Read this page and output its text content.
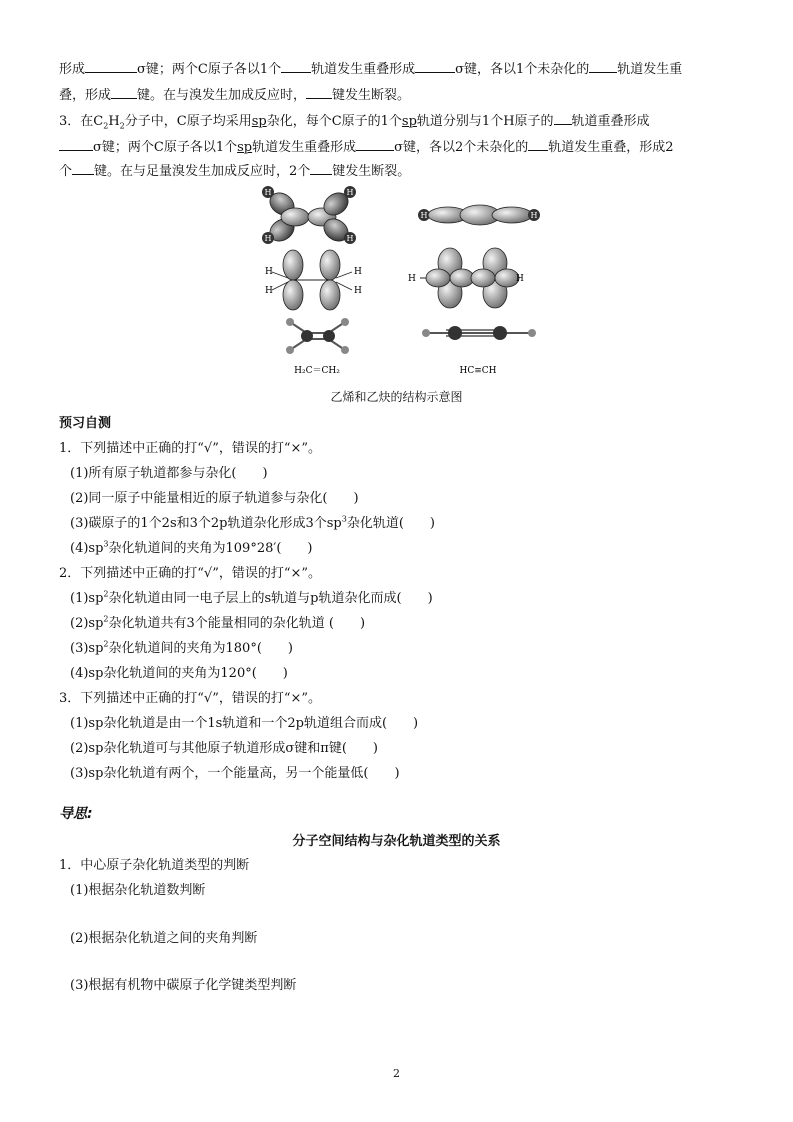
形成	σ键；两个C原子各以1个 轨道发生重叠形成	σ键，各以1个未杂化的 轨道发生重
叠，形成 键。在与溴发生加成反应时， 键发生断裂。
3．在$C_2H_2$分子中，C原子均采用sp杂化，每个C原子的1个sp轨道分别与1个H原子的 轨道重叠形成
σ键；两个C原子各以1个sp轨道发生重叠形成	σ键，各以2个未杂化的 轨道发生重叠，形成2
个 键。在与足量溴发生加成反应时，2个 键发生断裂。
H
H
H
H
H	H
H
H
H
H
H	H
H₂C＝CH₂	HC≡CH
乙烯和乙炔的结构示意图
预习自测
1．下列描述中正确的打“√”，错误的打“×”。
(1)所有原子轨道都参与杂化(　　)
(2)同一原子中能量相近的原子轨道参与杂化(　　)
(3)碳原子的1个2s和3个2p轨道杂化形成3个$sp^3$杂化轨道(　　)
$(4)sp^3$杂化轨道间的夹角为109°28′(　　)
2．下列描述中正确的打“√”，错误的打“×”。
$(1)sp^2$杂化轨道由同一电子层上的s轨道与p轨道杂化而成(　　)
$(2)sp^2$杂化轨道共有3个能量相同的杂化轨道 (　　)
$(3)sp^2$杂化轨道间的夹角为180°(　　)
(4)sp杂化轨道间的夹角为120°(　　)
3．下列描述中正确的打“√”，错误的打“×”。
(1)sp杂化轨道是由一个1s轨道和一个2p轨道组合而成(　　)
(2)sp杂化轨道可与其他原子轨道形成σ键和π键(　　)
(3)sp杂化轨道有两个，一个能量高，另一个能量低(　　)
导思:
分子空间结构与杂化轨道类型的关系
1．中心原子杂化轨道类型的判断
(1)根据杂化轨道数判断
(2)根据杂化轨道之间的夹角判断
(3)根据有机物中碳原子化学键类型判断
2
